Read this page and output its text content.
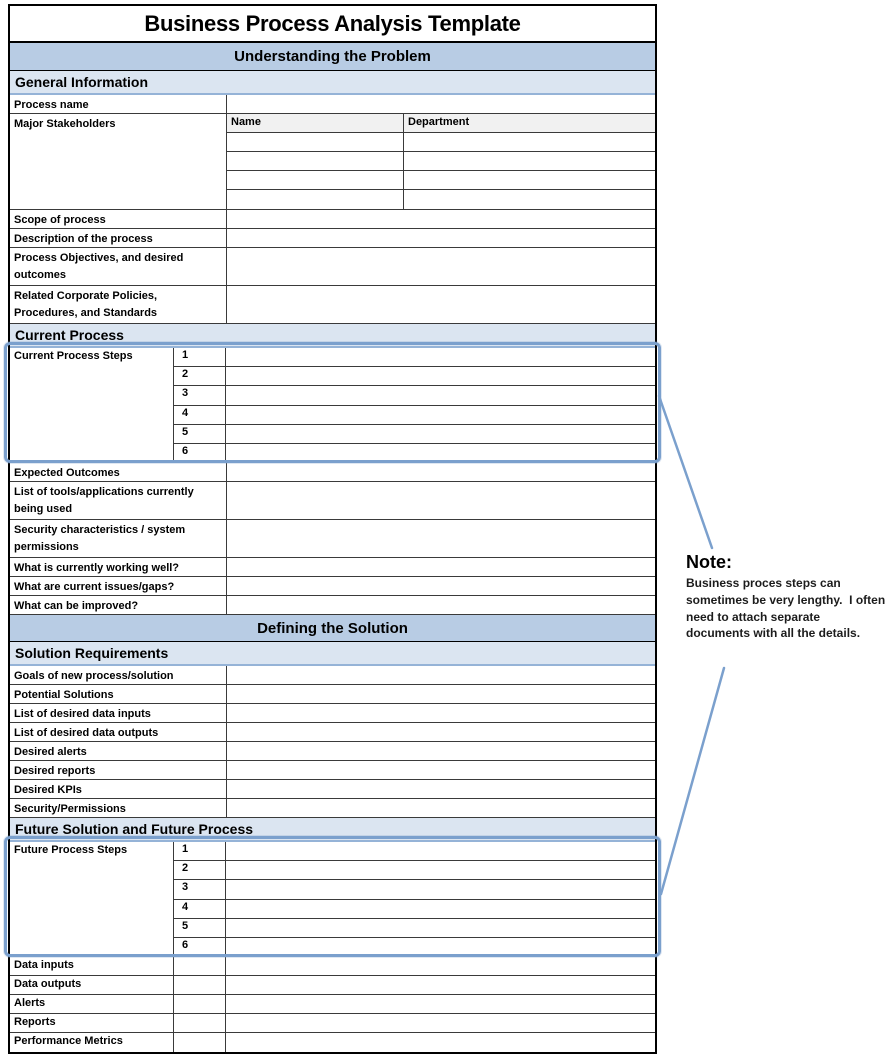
Business Process Analysis Template
Understanding the Problem
General Information
Process name
Major Stakeholders	Name	Department
Scope of process
Description of the process
Process Objectives, and desired outcomes
Related Corporate Policies, Procedures, and Standards
Current Process
Current Process Steps	1
2
3
4
5
6
Expected Outcomes
List of tools/applications currently being used
Security characteristics / system permissions
What is currently working well?
What are current issues/gaps?
What can be improved?
Defining the Solution
Solution Requirements
Goals of new process/solution
Potential Solutions
List of desired data inputs
List of desired data outputs
Desired alerts
Desired reports
Desired KPIs
Security/Permissions
Future Solution and Future Process
Future Process Steps	1
2
3
4
5
6
Data inputs
Data outputs
Alerts
Reports
Performance Metrics
Note:
Business proces steps can sometimes be very lengthy.  I often need to attach separate documents with all the details.
